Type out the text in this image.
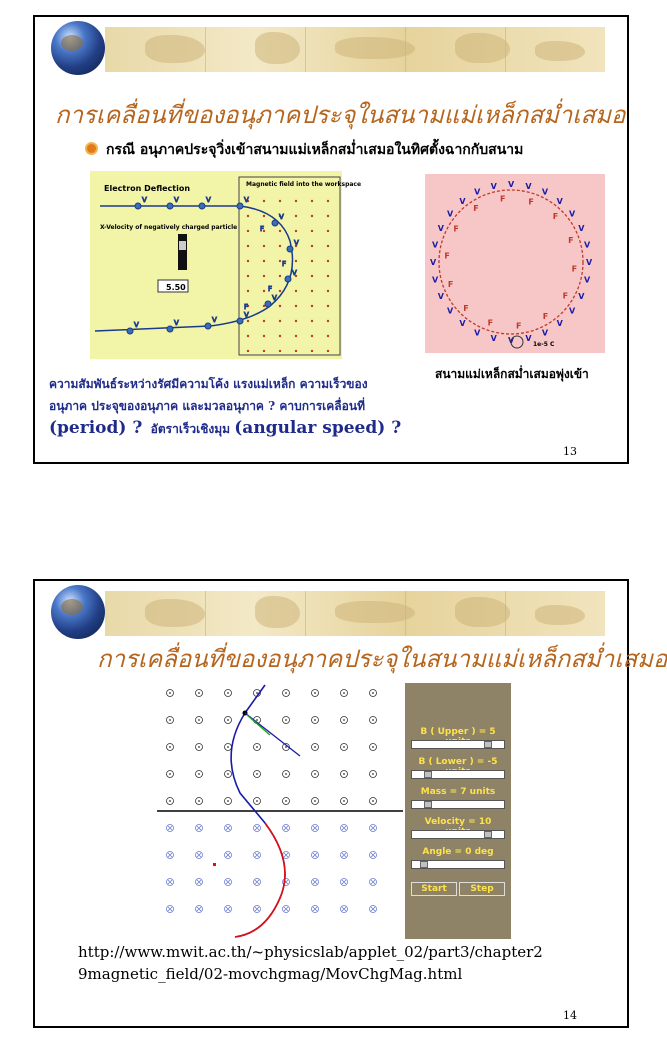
การเคลื่อนที่ของอนุภาคประจุในสนามแม่เหล็กสม่ำเสมอ
กรณี อนุภาคประจุวิ่งเข้าสนามแม่เหล็กสม่ำเสมอในทิศตั้งฉากกับสนาม
Electron Deflection	Magnetic field into the workspace
X-Velocity of negatively charged particle
5.50
V	V	V	V
V
V
V
V
V
V
V
V
F
F
F
F
V
F
V
V
F
V
V
F
V
V
F
V
V
F
V
V
F
V
V
F
V
V
F
V
V F
V
V
F
V
V
F
V V
F
V
V
F V
V
F
V
1e-5 C
สนามแม่เหล็กสม่ำเสมอพุ่งเข้า
ความสัมพันธ์ระหว่างรัศมีความโค้ง แรงแม่เหล็ก ความเร็วของ
อนุภาค ประจุของอนุภาค และมวลอนุภาค ? คาบการเคลื่อนที่
(period) ? อัตราเร็วเชิงมุม (angular speed) ?
13
การเคลื่อนที่ของอนุภาคประจุในสนามแม่เหล็กสม่ำเสมอ
B ( Upper ) = 5
B ( Lower ) = -5
Mass = 7 units
Velocity = 10
Angle = 0 deg
Start	Step
http://www.mwit.ac.th/~physicslab/applet_02/part3/chapter2
9magnetic_field/02-movchgmag/MovChgMag.html
14
